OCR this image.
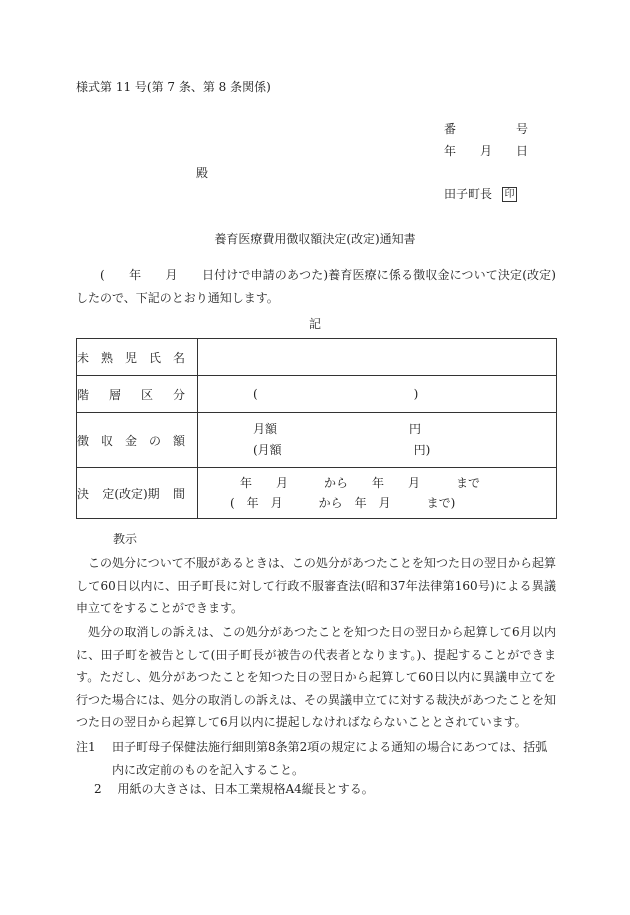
様式第 11 号(第 7 条、第 8 条関係)
番　　　　　号
年　　月　　日
殿
田子町長 印
養育医療費用徴収額決定(改定)通知書
(　　年　　月　　日付けで申請のあつた)養育医療に係る徴収金について決定(改定)したので、下記のとおり通知します。
記
未 熟 児 氏 名	

階 層 区 分	(　　　　　　　　　　　　　)

徴 収 金 の 額	月額　　　　　　　　　　　円
(月額　　　　　　　　　　　円)

決 定(改定)期 間	年　　月　　　から　　年　　月　　　まで
(　年　月　　　から　年　月　　　まで)
教示
この処分について不服があるときは、この処分があつたことを知つた日の翌日から起算して60日以内に、田子町長に対して行政不服審査法(昭和37年法律第160号)による異議申立てをすることができます。
処分の取消しの訴えは、この処分があつたことを知つた日の翌日から起算して6月以内に、田子町を被告として(田子町長が被告の代表者となります。)、提起することができます。ただし、処分があつたことを知つた日の翌日から起算して60日以内に異議申立てを行つた場合には、処分の取消しの訴えは、その異議申立てに対する裁決があつたことを知つた日の翌日から起算して6月以内に提起しなければならないこととされています。
注1	田子町母子保健法施行細則第8条第2項の規定による通知の場合にあつては、括弧内に改定前のものを記入すること。
2　 用紙の大きさは、日本工業規格A4縦長とする。
